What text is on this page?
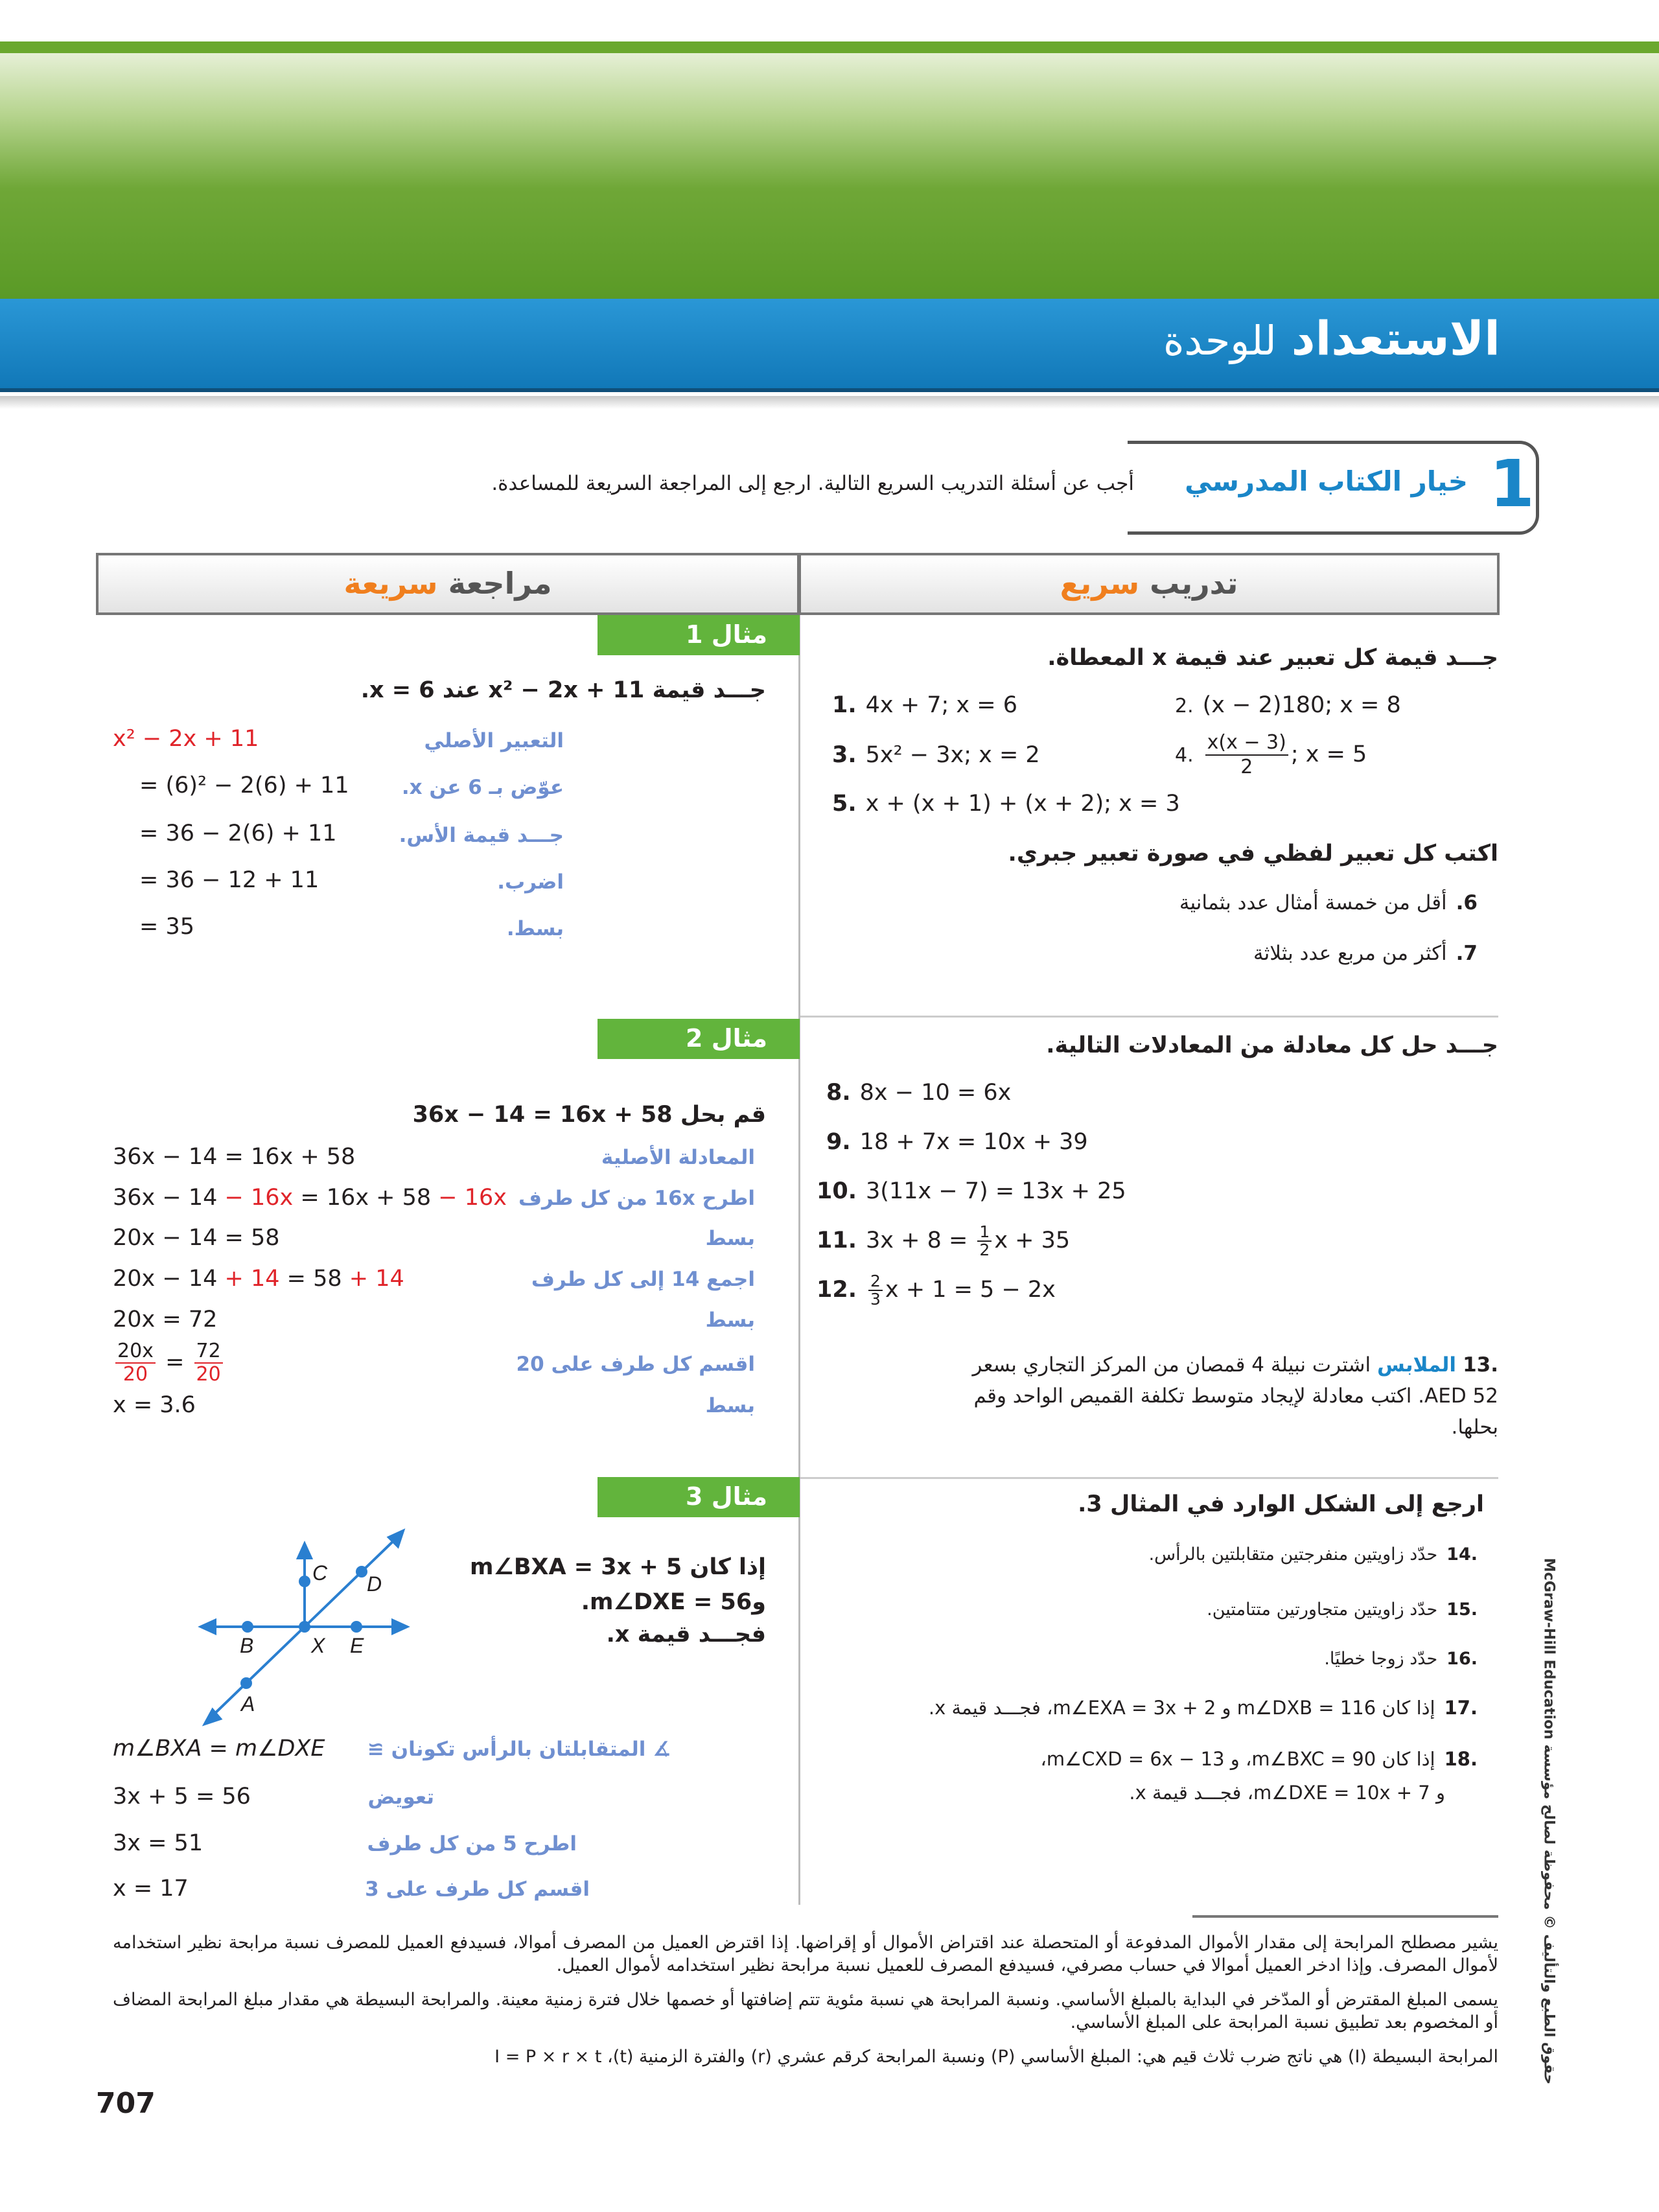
الاستعداد للوحدة
1
خيار الكتاب المدرسي
أجب عن أسئلة التدريب السريع التالية. ارجع إلى المراجعة السريعة للمساعدة.
مراجعة سريعة	تدريب سريع
مثال 1
جـــد قيمة 11 + x² − 2x عند x = 6.
x² − 2x + 11	التعبير الأصلي
= (6)² − 2(6) + 11	عوّض بـ 6 عن x.
= 36 − 2(6) + 11	جـــد قيمة الأس.
= 36 − 12 + 11	اضرب.
= 35	بسط.
مثال 2
قم بحل 36x − 14 = 16x + 58
36x − 14 = 16x + 58	المعادلة الأصلية
36x − 14 − 16x = 16x + 58 − 16x اطرح 16x من كل طرف
20x − 14 = 58	بسط
20x − 14 + 14 = 58 + 14	اجمع 14 إلى كل طرف
20x = 72	بسط
$\frac{20x}{20} = \frac{72}{20}$	اقسم كل طرف على 20
x = 3.6	بسط
مثال 3
إذا كان m∠BXA = 3x + 5
وm∠DXE = 56.
فجـــد قيمة x.
B	X E
C D
A
m∠BXA = m∠DXE ∡ المتقابلتان بالرأس تكونان ≅
3x + 5 = 56	تعويض
3x = 51	اطرح 5 من كل طرف
x = 17	اقسم كل طرف على 3
جـــد قيمة كل تعبير عند قيمة x المعطاة.
1. 4x + 7; x = 6	2. (x − 2)180; x = 8
3. 5x² − 3x; x = 2	4. $\frac{x(x - 3)}{2}$ ; x = 5
5. x + (x + 1) + (x + 2); x = 3
اكتب كل تعبير لفظي في صورة تعبير جبري.
6.أقل من خمسة أمثال عدد بثمانية
7.أكثر من مربع عدد بثلاثة
جـــد حل كل معادلة من المعادلات التالية.
8. 8x − 10 = 6x
9. 18 + 7x = 10x + 39
10. 3(11x − 7) = 13x + 25
11. $3x + 8 = \frac{1}{2}$ x + 35
12. $\frac{2}{3}$ x + 1 = 5 − 2x
.13الملابس اشترت نبيلة 4 قمصان من المركز التجاري بسعر
AED 52. اكتب معادلة لإيجاد متوسط تكلفة القميص الواحد وقم
بحلها.
ارجع إلى الشكل الوارد في المثال 3.
.14حدّد زاويتين منفرجتين متقابلتين بالرأس.
.15حدّد زاويتين متجاورتين متتامتين.
.16حدّد زوجا خطيًا.
.17إذا كان m∠DXB = 116 و m∠EXA = 3x + 2، فجـــد قيمة x.
.18إذا كان m∠BXC = 90، و m∠CXD = 6x − 13،
و m∠DXE = 10x + 7، فجـــد قيمة x.
يشير مصطلح المرابحة إلى مقدار الأموال المدفوعة أو المتحصلة عند اقتراض الأموال أو إقراضها. إذا اقترض العميل من المصرف أموالا، فسيدفع العميل للمصرف نسبة مرابحة نظير استخدامه لأموال المصرف. وإذا ادخر العميل أموالا في حساب مصرفي، فسيدفع المصرف للعميل نسبة مرابحة نظير استخدامه لأموال العميل.
يسمى المبلغ المقترض أو المدّخر في البداية بالمبلغ الأساسي. ونسبة المرابحة هي نسبة مئوية تتم إضافتها أو خصمها خلال فترة زمنية معينة. والمرابحة البسيطة هي مقدار مبلغ المرابحة المضاف أو المخصوم بعد تطبيق نسبة المرابحة على المبلغ الأساسي.
المرابحة البسيطة (I) هي ناتج ضرب ثلاث قيم هي: المبلغ الأساسي (P) ونسبة المرابحة كرقم عشري (r) والفترة الزمنية (t)، I = P × r × t
707
حقوق الطبع والتأليف © محفوظة لصالح مؤسسة McGraw-Hill Education
